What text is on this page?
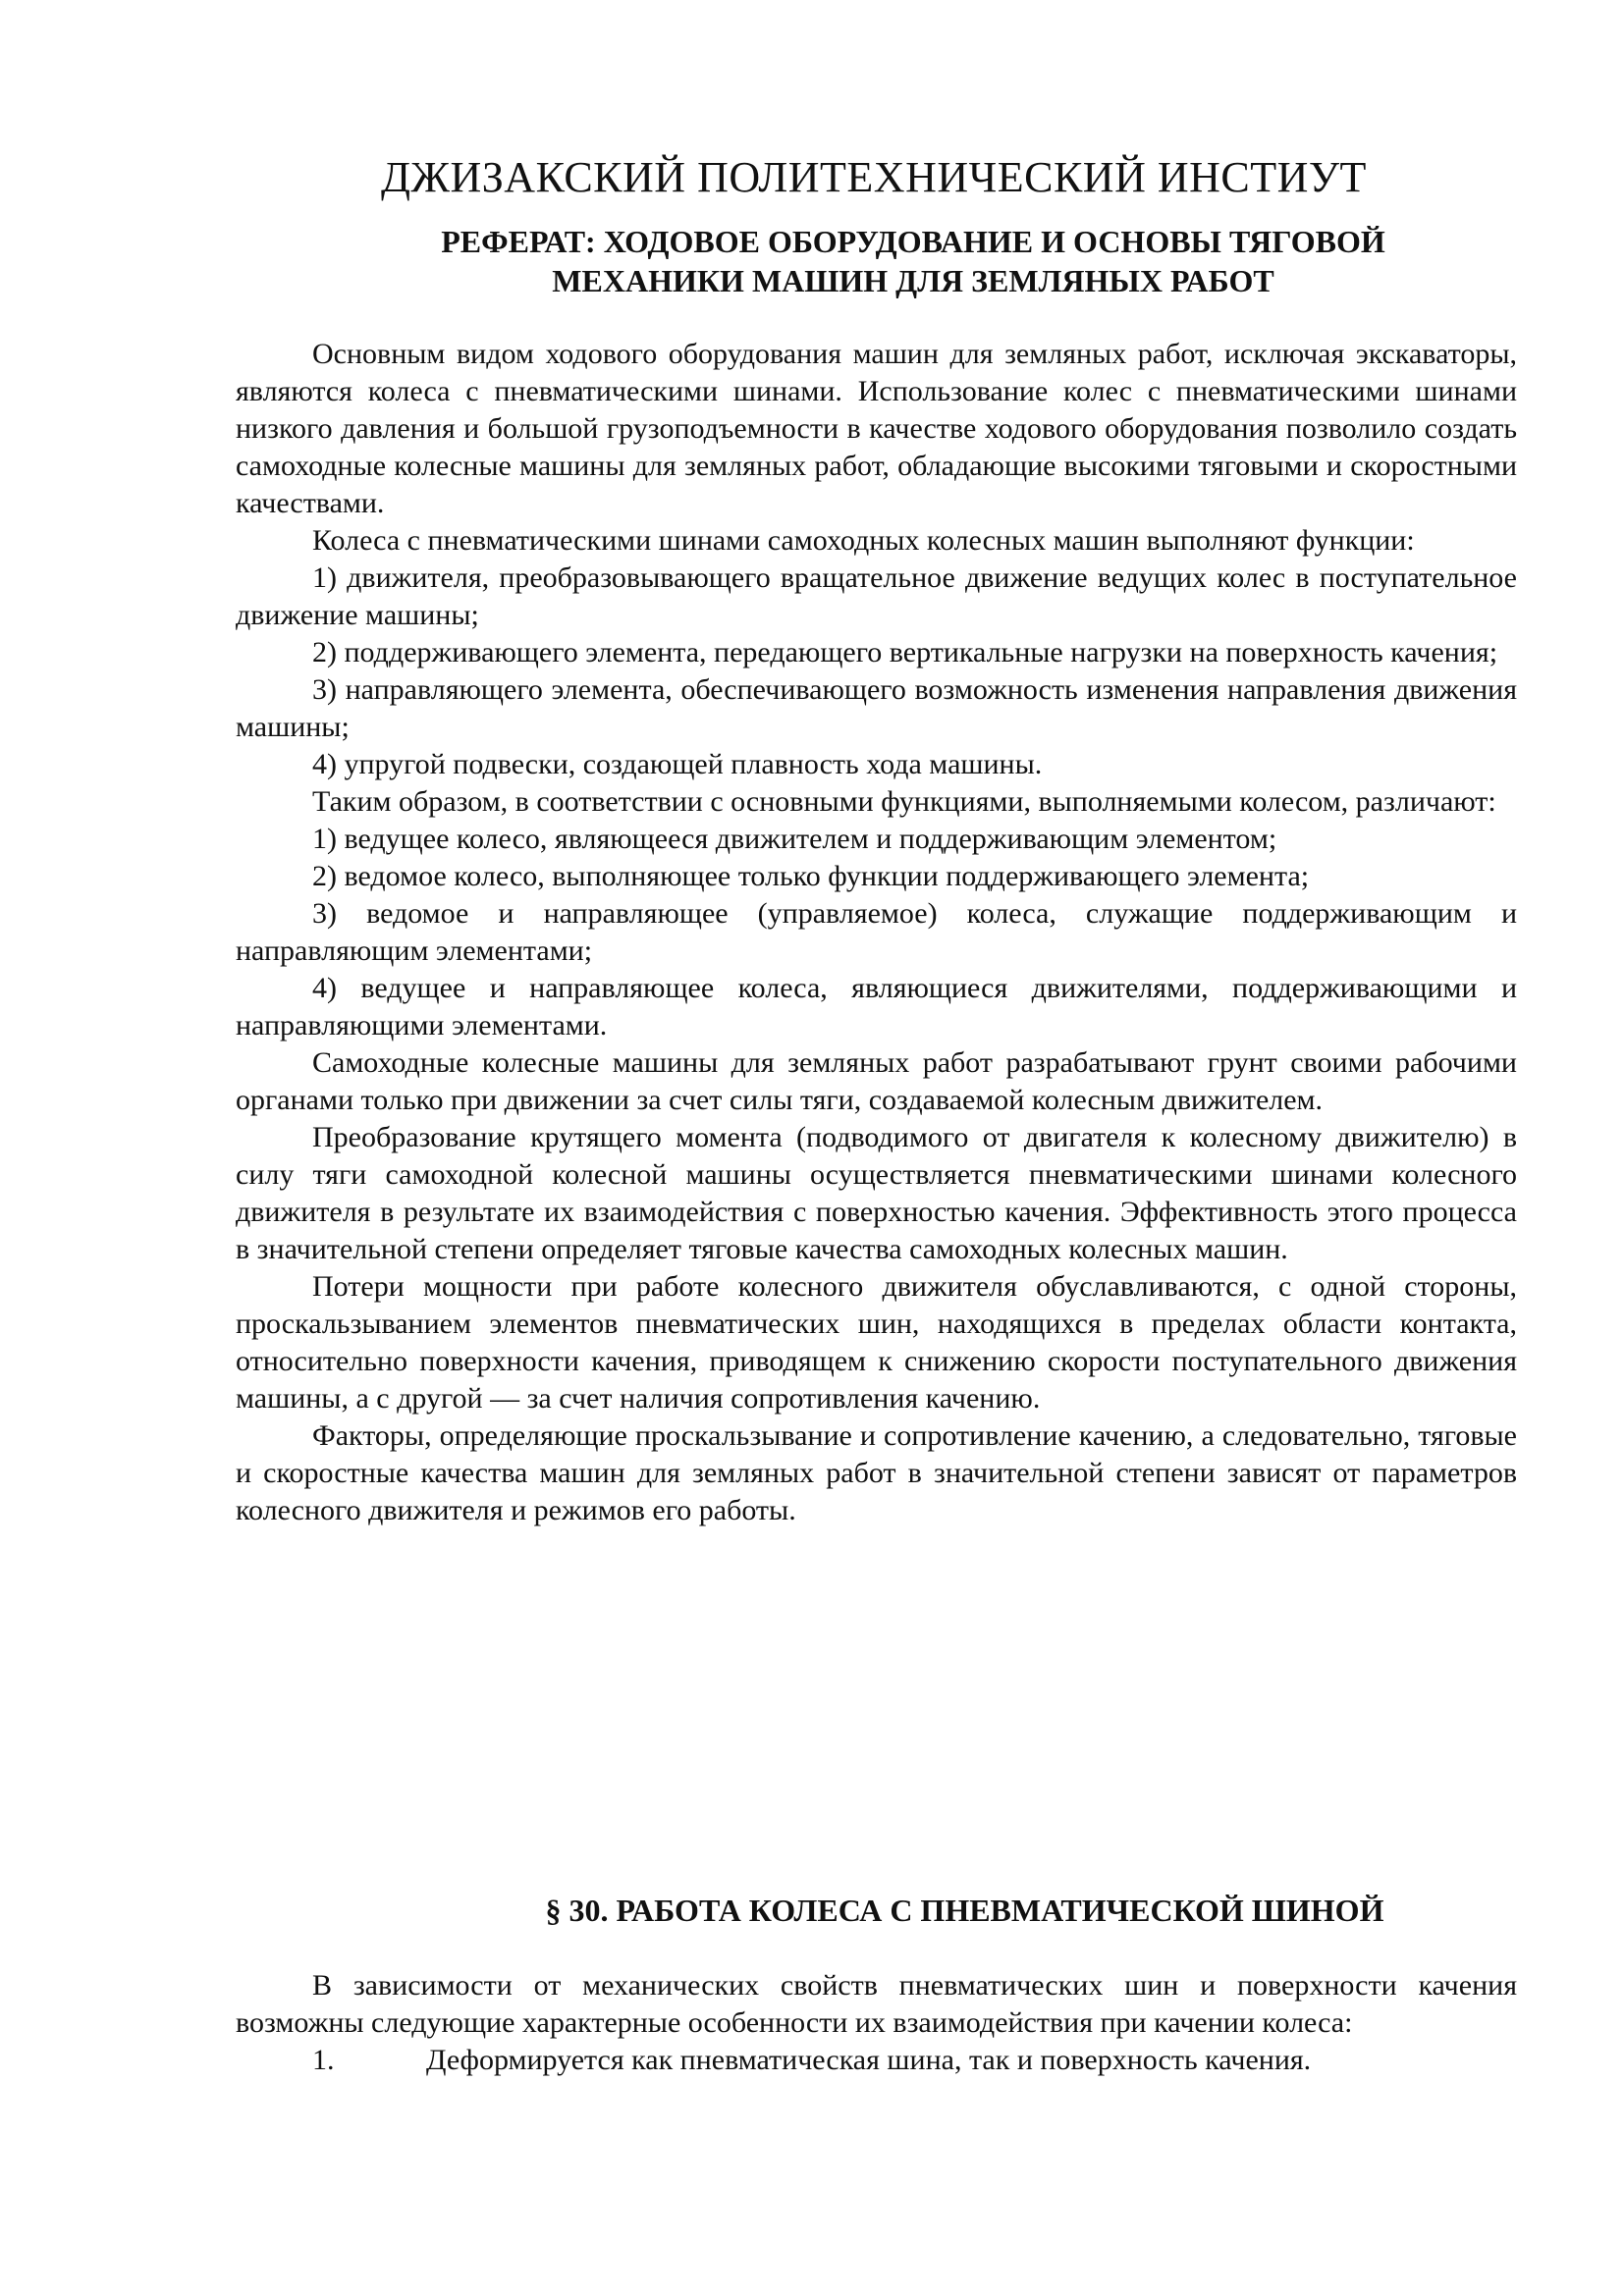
ДЖИЗАКСКИЙ ПОЛИТЕХНИЧЕСКИЙ ИНСТИУТ
РЕФЕРАТ: ХОДОВОЕ ОБОРУДОВАНИЕ И ОСНОВЫ ТЯГОВОЙ
МЕХАНИКИ МАШИН ДЛЯ ЗЕМЛЯНЫХ РАБОТ

Основным видом ходового оборудования машин для земляных работ, исключая экскаваторы, являются колеса с пневматическими шинами. Использование колес с пневматическими шинами низкого давления и большой грузоподъемности в качестве ходового оборудования позволило создать самоходные колесные машины для земляных работ, обладающие высокими тяговыми и скоростными качествами.

Колеса с пневматическими шинами самоходных колесных машин выполняют функции:

1) движителя, преобразовывающего вращательное движение ведущих колес в поступательное движение машины;

2) поддерживающего элемента, передающего вертикальные нагрузки на поверхность качения;

3) направляющего элемента, обеспечивающего возможность изменения направления движения машины;

4) упругой подвески, создающей плавность хода машины.

Таким образом, в соответствии с основными функциями, выполняемыми колесом, различают:

1) ведущее колесо, являющееся движителем и поддерживающим элементом;

2) ведомое колесо, выполняющее только функции поддерживающего элемента;

3) ведомое и направляющее (управляемое) колеса, служащие поддерживающим и направляющим элементами;

4) ведущее и направляющее колеса, являющиеся движителями, поддерживающими и направляющими элементами.

Самоходные колесные машины для земляных работ разрабатывают грунт своими рабочими органами только при движении за счет силы тяги, создаваемой колесным движителем.

Преобразование крутящего момента (подводимого от двигателя к колесному движителю) в силу тяги самоходной колесной машины осуществляется пневматическими шинами колесного движителя в результате их взаимодействия с поверхностью качения. Эффективность этого процесса в значительной степени определяет тяговые качества самоходных колесных машин.

Потери мощности при работе колесного движителя обуславливаются, с одной стороны, проскальзыванием элементов пневматических шин, находящихся в пределах области контакта, относительно поверхности качения, приводящем к снижению скорости поступательного движения машины, а с другой — за счет наличия сопротивления качению.

Факторы, определяющие проскальзывание и сопротивление качению, а следовательно, тяговые и скоростные качества машин для земляных работ в значительной степени зависят от параметров колесного движителя и режимов его работы.

§ 30. РАБОТА КОЛЕСА С ПНЕВМАТИЧЕСКОЙ ШИНОЙ

В зависимости от механических свойств пневматических шин и поверхности качения возможны следующие характерные особенности их взаимодействия при качении колеса:

1.	Деформируется как пневматическая шина, так и поверхность качения.
